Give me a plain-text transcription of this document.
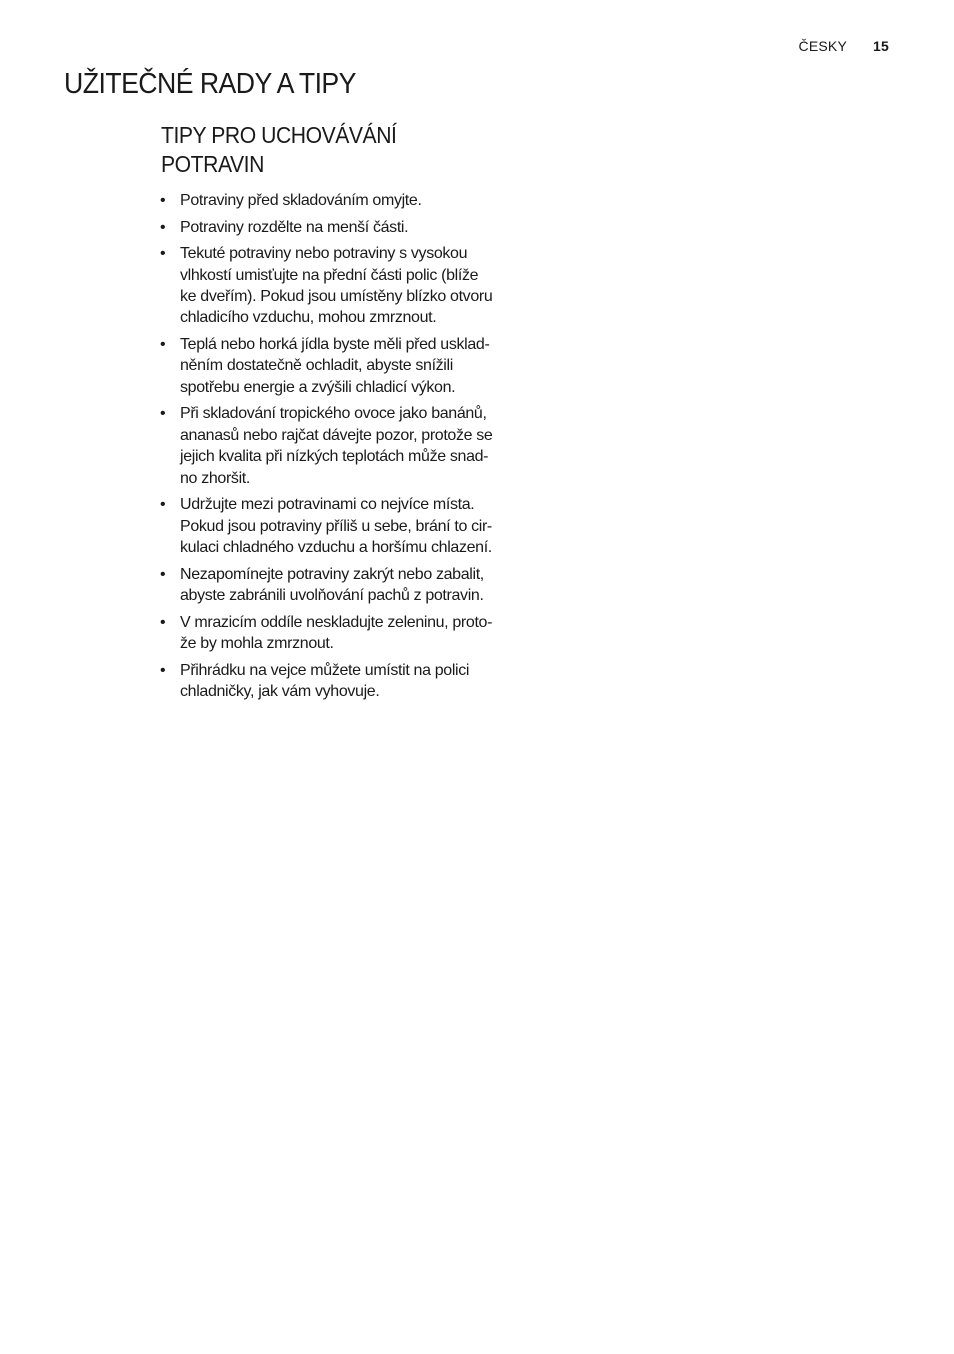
ČESKY 15
UŽITEČNÉ RADY A TIPY
TIPY PRO UCHOVÁVÁNÍ
POTRAVIN
• Potraviny před skladováním omyjte.
• Potraviny rozdělte na menší části.
• Tekuté potraviny nebo potraviny s vysokou
vlhkostí umisťujte na přední části polic (blíže
ke dveřím). Pokud jsou umístěny blízko otvoru
chladicího vzduchu, mohou zmrznout.
• Teplá nebo horká jídla byste měli před usklad-
něním dostatečně ochladit, abyste snížili
spotřebu energie a zvýšili chladicí výkon.
• Při skladování tropického ovoce jako banánů,
ananasů nebo rajčat dávejte pozor, protože se
jejich kvalita při nízkých teplotách může snad-
no zhoršit.
• Udržujte mezi potravinami co nejvíce místa.
Pokud jsou potraviny příliš u sebe, brání to cir-
kulaci chladného vzduchu a horšímu chlazení.
• Nezapomínejte potraviny zakrýt nebo zabalit,
abyste zabránili uvolňování pachů z potravin.
• V mrazicím oddíle neskladujte zeleninu, proto-
že by mohla zmrznout.
• Přihrádku na vejce můžete umístit na polici
chladničky, jak vám vyhovuje.
